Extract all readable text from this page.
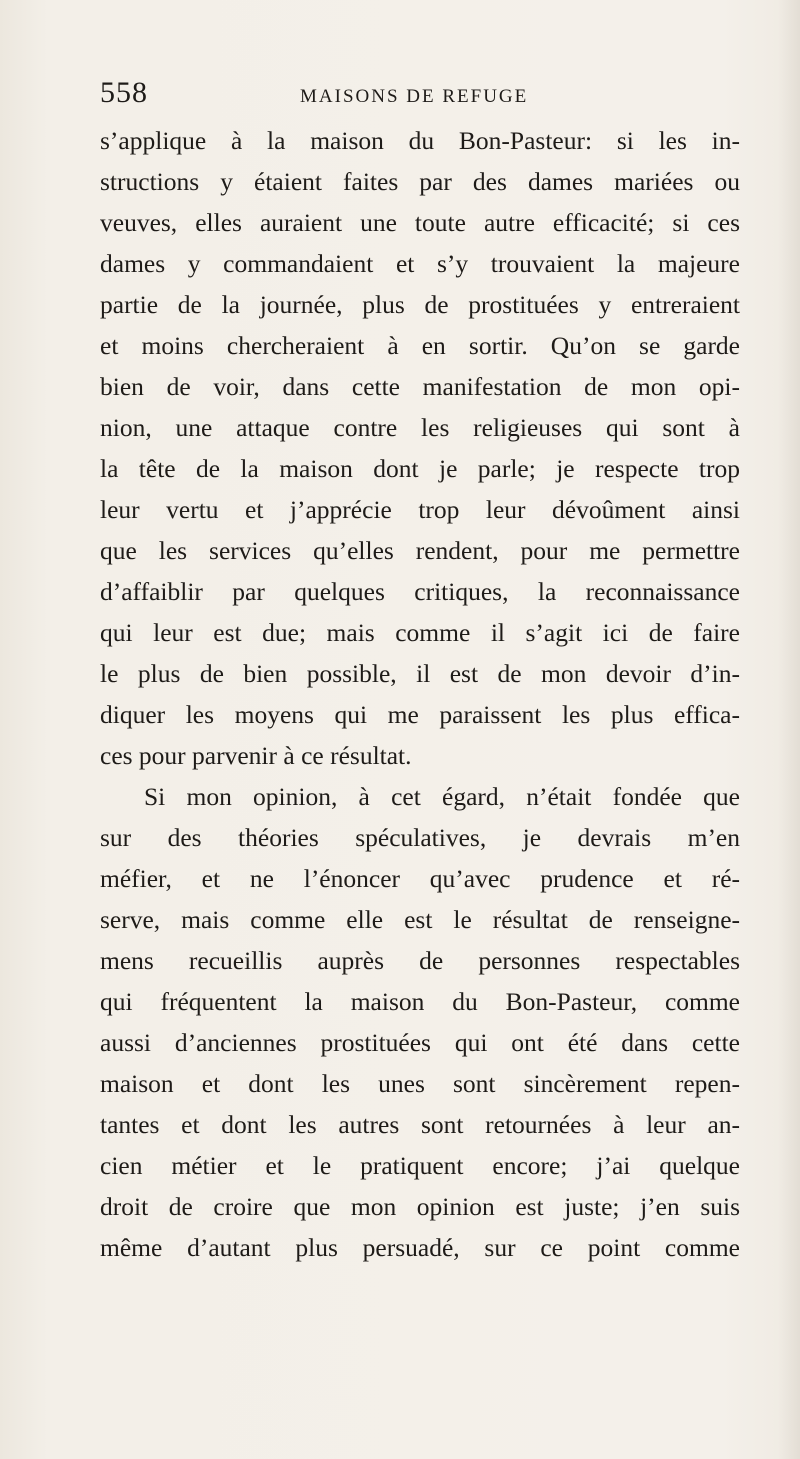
558	MAISONS DE REFUGE
s’applique à la maison du Bon-Pasteur: si les in-
structions y étaient faites par des dames mariées ou
veuves, elles auraient une toute autre efficacité; si ces
dames y commandaient et s’y trouvaient la majeure
partie de la journée, plus de prostituées y entreraient
et moins chercheraient à en sortir. Qu’on se garde
bien de voir, dans cette manifestation de mon opi-
nion, une attaque contre les religieuses qui sont à
la tête de la maison dont je parle; je respecte trop
leur vertu et j’apprécie trop leur dévoûment ainsi
que les services qu’elles rendent, pour me permettre
d’affaiblir par quelques critiques, la reconnaissance
qui leur est due; mais comme il s’agit ici de faire
le plus de bien possible, il est de mon devoir d’in-
diquer les moyens qui me paraissent les plus effica-
ces pour parvenir à ce résultat.
Si mon opinion, à cet égard, n’était fondée que
sur des théories spéculatives, je devrais m’en
méfier, et ne l’énoncer qu’avec prudence et ré-
serve, mais comme elle est le résultat de renseigne-
mens recueillis auprès de personnes respectables
qui fréquentent la maison du Bon-Pasteur, comme
aussi d’anciennes prostituées qui ont été dans cette
maison et dont les unes sont sincèrement repen-
tantes et dont les autres sont retournées à leur an-
cien métier et le pratiquent encore; j’ai quelque
droit de croire que mon opinion est juste; j’en suis
même d’autant plus persuadé, sur ce point comme
